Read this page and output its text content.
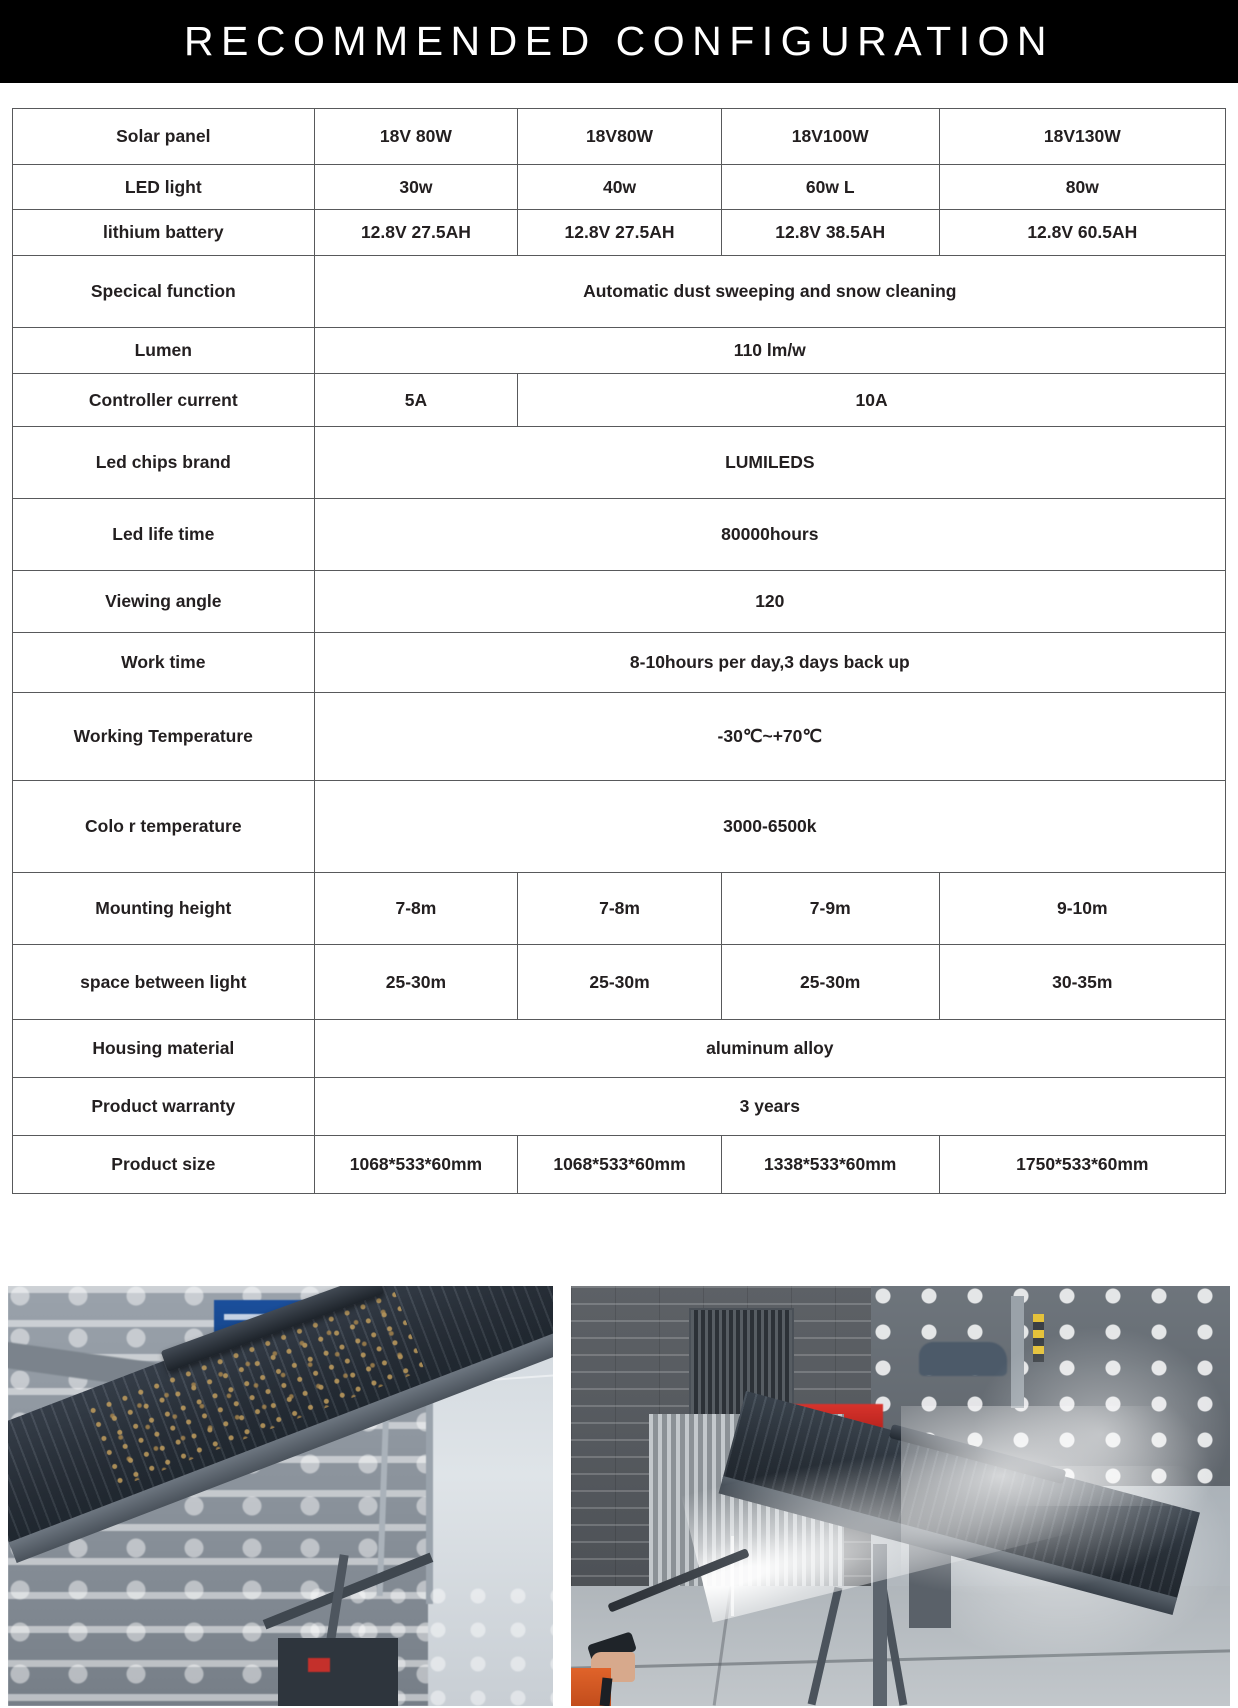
RECOMMENDED CONFIGURATION
Solar panel	18V 80W	18V80W	18V100W	18V130W
LED light	30w	40w	60w L	80w
lithium battery	12.8V 27.5AH	12.8V 27.5AH	12.8V 38.5AH	12.8V 60.5AH
Specical function	Automatic dust sweeping and snow cleaning			
Lumen	110 lm/w			
Controller current	5A	10A		
Led chips brand	LUMILEDS			
Led life time	80000hours			
Viewing angle	120			
Work time	8-10hours per day,3 days back up			
Working Temperature	-30℃~+70℃			
Colo r temperature	3000-6500k			
Mounting height	7-8m	7-8m	7-9m	9-10m
space between light	25-30m	25-30m	25-30m	30-35m
Housing material	aluminum alloy			
Product warranty	3 years			
Product size	1068*533*60mm	1068*533*60mm	1338*533*60mm	1750*533*60mm
